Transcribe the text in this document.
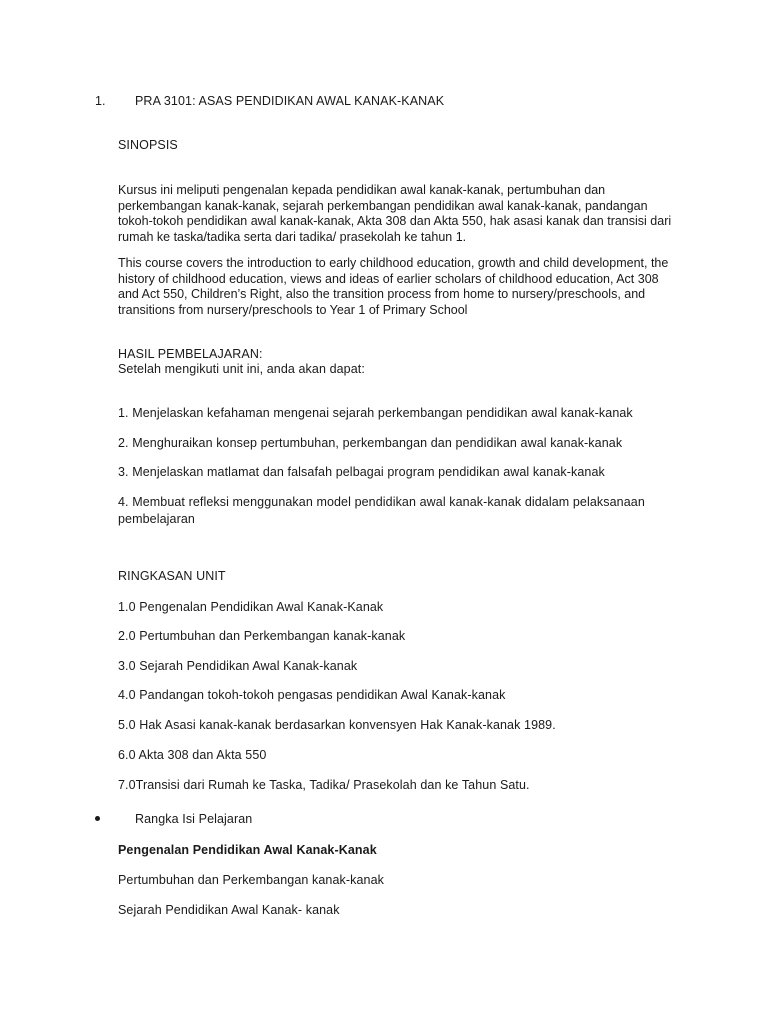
1. PRA 3101: ASAS PENDIDIKAN AWAL KANAK-KANAK
SINOPSIS
Kursus ini meliputi pengenalan kepada pendidikan awal kanak-kanak, pertumbuhan dan
perkembangan kanak-kanak, sejarah perkembangan pendidikan awal kanak-kanak, pandangan
tokoh-tokoh pendidikan awal kanak-kanak, Akta 308 dan Akta 550, hak asasi kanak dan transisi dari
rumah ke taska/tadika serta dari tadika/ prasekolah ke tahun 1.
This course covers the introduction to early childhood education, growth and child development, the
history of childhood education, views and ideas of earlier scholars of childhood education, Act 308
and Act 550, Children’s Right, also the transition process from home to nursery/preschools, and
transitions from nursery/preschools to Year 1 of Primary School
HASIL PEMBELAJARAN:
Setelah mengikuti unit ini, anda akan dapat:
1. Menjelaskan kefahaman mengenai sejarah perkembangan pendidikan awal kanak-kanak
2. Menghuraikan konsep pertumbuhan, perkembangan dan pendidikan awal kanak-kanak
3. Menjelaskan matlamat dan falsafah pelbagai program pendidikan awal kanak-kanak
4. Membuat refleksi menggunakan model pendidikan awal kanak-kanak didalam pelaksanaan
pembelajaran
RINGKASAN UNIT
1.0 Pengenalan Pendidikan Awal Kanak-Kanak
2.0 Pertumbuhan dan Perkembangan kanak-kanak
3.0 Sejarah Pendidikan Awal Kanak-kanak
4.0 Pandangan tokoh-tokoh pengasas pendidikan Awal Kanak-kanak
5.0 Hak Asasi kanak-kanak berdasarkan konvensyen Hak Kanak-kanak 1989.
6.0 Akta 308 dan Akta 550
7.0Transisi dari Rumah ke Taska, Tadika/ Prasekolah dan ke Tahun Satu.
Rangka Isi Pelajaran
Pengenalan Pendidikan Awal Kanak-Kanak
Pertumbuhan dan Perkembangan kanak-kanak
Sejarah Pendidikan Awal Kanak- kanak
